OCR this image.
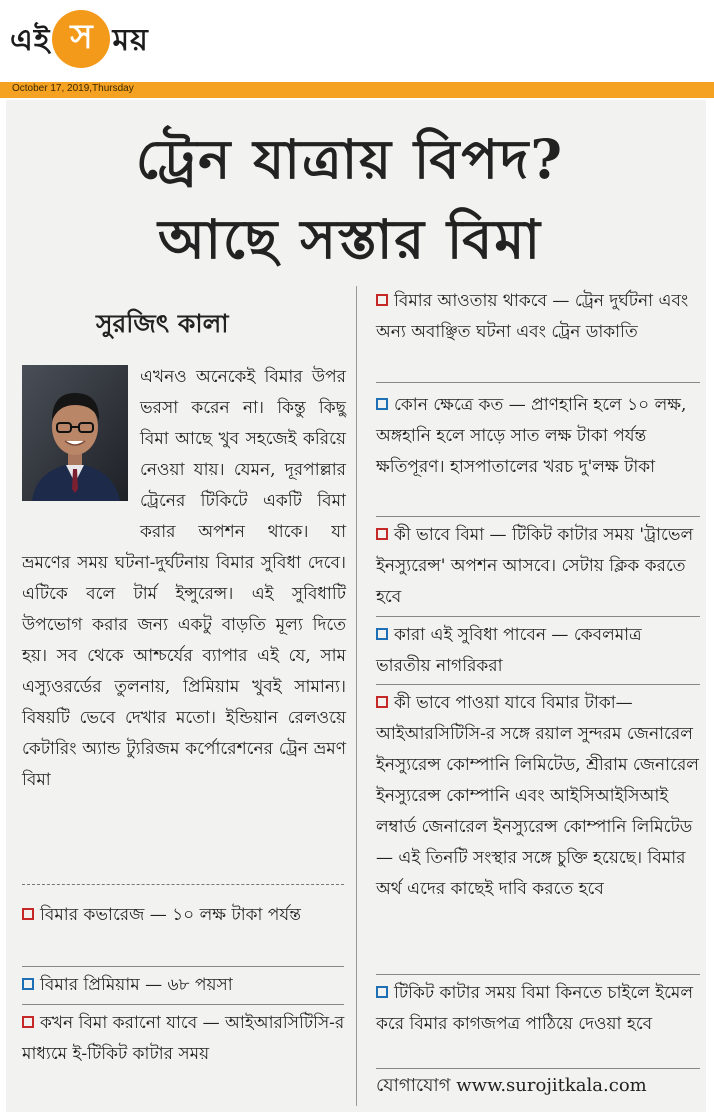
এই স ময়
October 17, 2019,Thursday
ট্রেন যাত্রায় বিপদ?
আছে সস্তার বিমা
সুরজিৎ কালা
এখনও অনেকেই বিমার উপর ভরসা করেন না। কিন্তু কিছু বিমা আছে খুব সহজেই করিয়ে নেওয়া যায়। যেমন, দূরপাল্লার ট্রেনের টিকিটে একটি বিমা করার অপশন থাকে। যা ভ্রমণের সময় ঘটনা-দুর্ঘটনায় বিমার সুবিধা দেবে। এটিকে বলে টার্ম ইন্সুরেন্স। এই সুবিধাটি উপভোগ করার জন্য একটু বাড়তি মূল্য দিতে হয়। সব থেকে আশ্চর্যের ব্যাপার এই যে, সাম এস্যুওরর্ডের তুলনায়, প্রিমিয়াম খুবই সামান্য। বিষয়টি ভেবে দেখার মতো। ইন্ডিয়ান রেলওয়ে কেটারিং অ্যান্ড ট্যুরিজম কর্পোরেশনের ট্রেন ভ্রমণ বিমা
বিমার কভারেজ — ১০ লক্ষ টাকা পর্যন্ত
বিমার প্রিমিয়াম — ৬৮ পয়সা
কখন বিমা করানো যাবে — আইআরসিটিসি-র মাধ্যমে ই-টিকিট কাটার সময়
বিমার আওতায় থাকবে — ট্রেন দুর্ঘটনা এবং অন্য অবাঞ্ছিত ঘটনা এবং ট্রেন ডাকাতি
কোন ক্ষেত্রে কত — প্রাণহানি হলে ১০ লক্ষ, অঙ্গহানি হলে সাড়ে সাত লক্ষ টাকা পর্যন্ত ক্ষতিপূরণ। হাসপাতালের খরচ দু'লক্ষ টাকা
কী ভাবে বিমা — টিকিট কাটার সময় 'ট্রাভেল ইনস্যুরেন্স' অপশন আসবে। সেটায় ক্লিক করতে হবে
কারা এই সুবিধা পাবেন — কেবলমাত্র ভারতীয় নাগরিকরা
কী ভাবে পাওয়া যাবে বিমার টাকা—আইআরসিটিসি-র সঙ্গে রয়াল সুন্দরম জেনারেল ইনস্যুরেন্স কোম্পানি লিমিটেড, শ্রীরাম জেনারেল ইনস্যুরেন্স কোম্পানি এবং আইসিআইসিআই লম্বার্ড জেনারেল ইনস্যুরেন্স কোম্পানি লিমিটেড — এই তিনটি সংস্থার সঙ্গে চুক্তি হয়েছে। বিমার অর্থ এদের কাছেই দাবি করতে হবে
টিকিট কাটার সময় বিমা কিনতে চাইলে ইমেল করে বিমার কাগজপত্র পাঠিয়ে দেওয়া হবে
যোগাযোগ www.surojitkala.com
